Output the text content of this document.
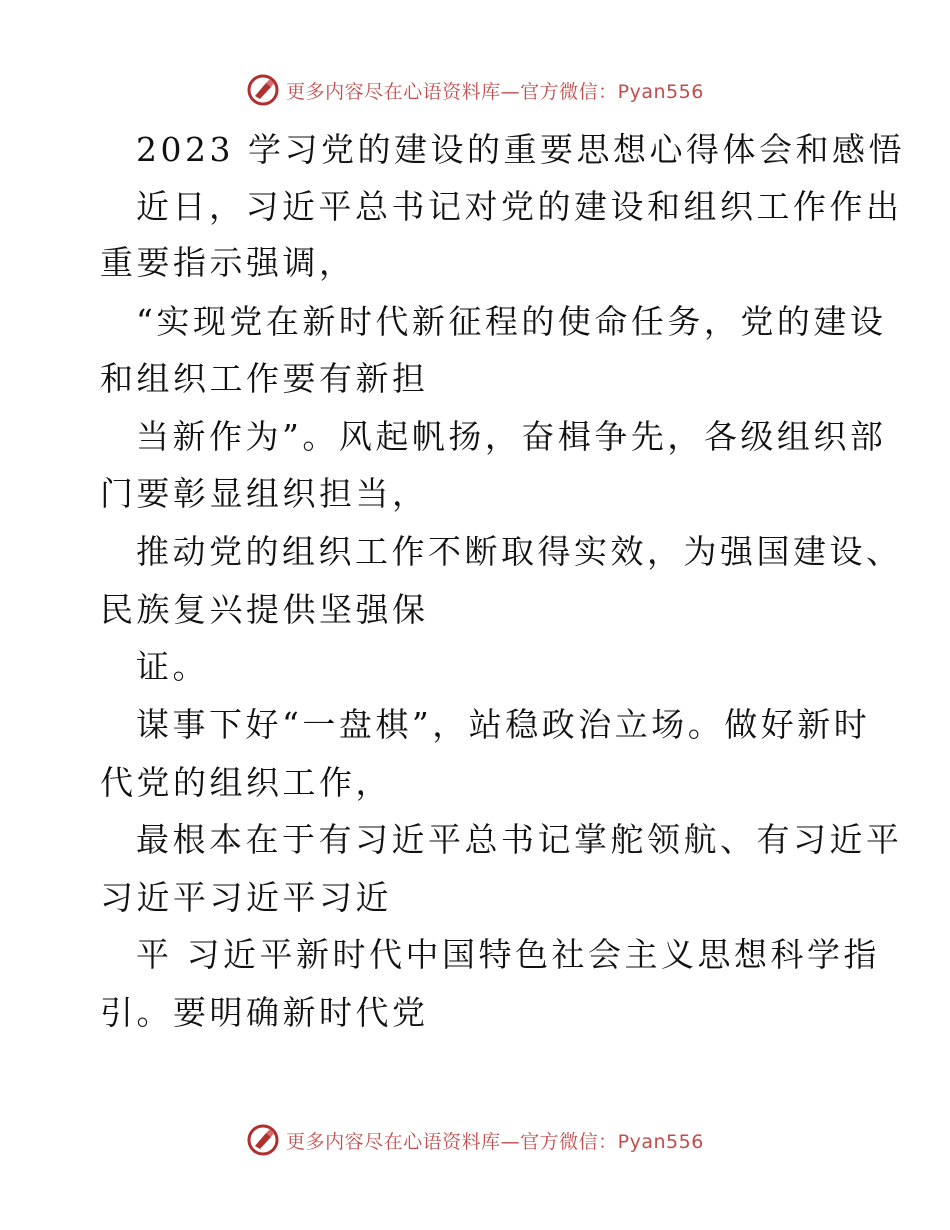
更多内容尽在心语资料库—官方微信：Pyan556
2023 学习党的建设的重要思想心得体会和感悟
近日，习近平总书记对党的建设和组织工作作出
重要指示强调，
“实现党在新时代新征程的使命任务，党的建设
和组织工作要有新担
当新作为”。风起帆扬，奋楫争先，各级组织部
门要彰显组织担当，
推动党的组织工作不断取得实效，为强国建设、
民族复兴提供坚强保
证。
谋事下好“一盘棋”，站稳政治立场。做好新时
代党的组织工作，
最根本在于有习近平总书记掌舵领航、有习近平
习近平习近平习近
平 习近平新时代中国特色社会主义思想科学指
引。要明确新时代党
更多内容尽在心语资料库—官方微信：Pyan556
